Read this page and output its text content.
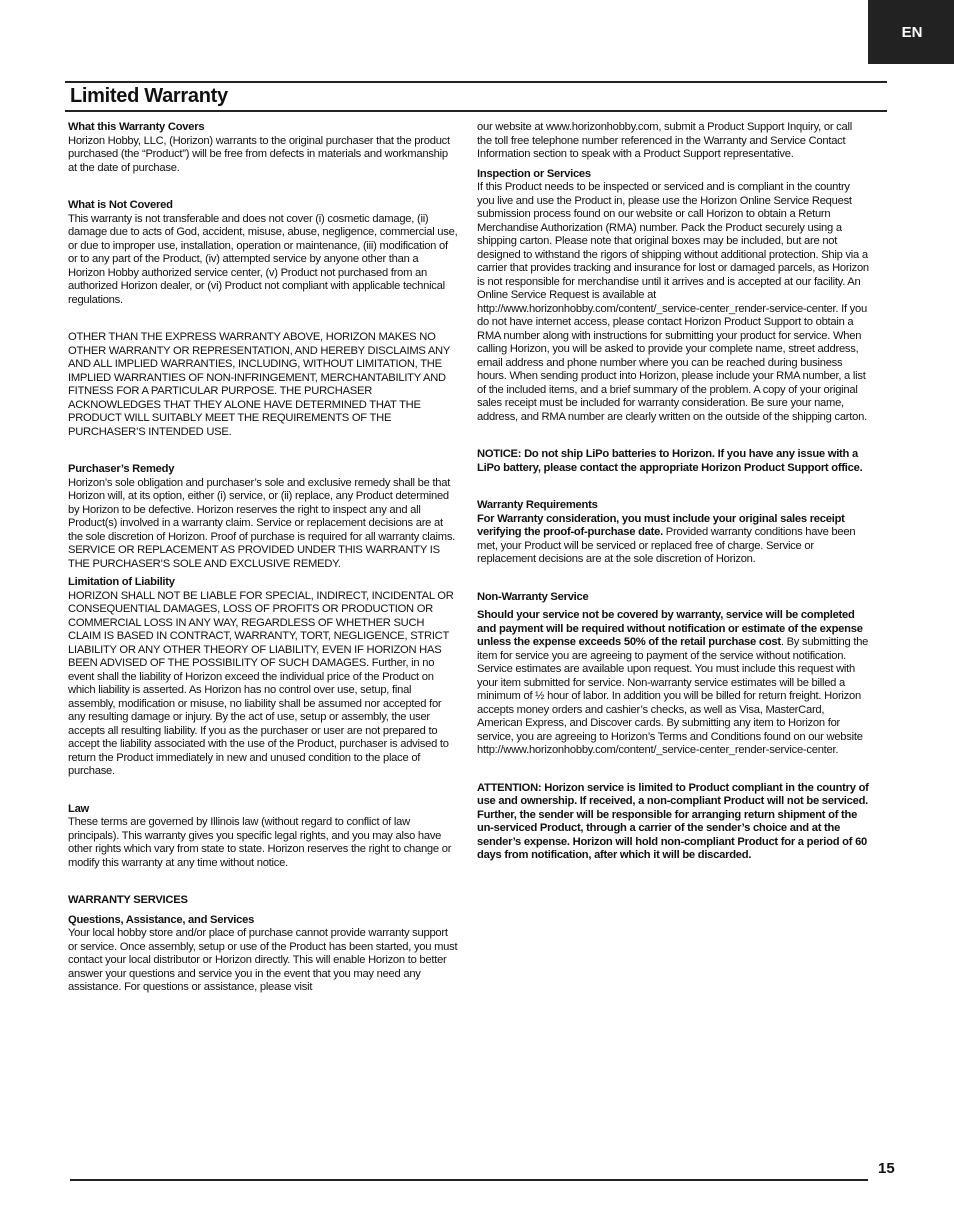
EN
Limited Warranty
What this Warranty Covers
Horizon Hobby, LLC, (Horizon) warrants to the original purchaser that the product purchased (the “Product”) will be free from defects in materials and workmanship at the date of purchase.
What is Not Covered
This warranty is not transferable and does not cover (i) cosmetic damage, (ii) damage due to acts of God, accident, misuse, abuse, negligence, commercial use, or due to improper use, installation, operation or maintenance, (iii) modification of or to any part of the Product, (iv) attempted service by anyone other than a Horizon Hobby authorized service center, (v) Product not purchased from an authorized Horizon dealer, or (vi) Product not compliant with applicable technical regulations.
OTHER THAN THE EXPRESS WARRANTY ABOVE, HORIZON MAKES NO OTHER WARRANTY OR REPRESENTATION, AND HEREBY DISCLAIMS ANY AND ALL IMPLIED WARRANTIES, INCLUDING, WITHOUT LIMITATION, THE IMPLIED WARRANTIES OF NON-INFRINGEMENT, MERCHANTABILITY AND FITNESS FOR A PARTICULAR PURPOSE. THE PURCHASER ACKNOWLEDGES THAT THEY ALONE HAVE DETERMINED THAT THE PRODUCT WILL SUITABLY MEET THE REQUIREMENTS OF THE PURCHASER’S INTENDED USE.
Purchaser’s Remedy
Horizon’s sole obligation and purchaser’s sole and exclusive remedy shall be that Horizon will, at its option, either (i) service, or (ii) replace, any Product determined by Horizon to be defective. Horizon reserves the right to inspect any and all Product(s) involved in a warranty claim. Service or replacement decisions are at the sole discretion of Horizon. Proof of purchase is required for all warranty claims. SERVICE OR REPLACEMENT AS PROVIDED UNDER THIS WARRANTY IS THE PURCHASER’S SOLE AND EXCLUSIVE REMEDY.
Limitation of Liability
HORIZON SHALL NOT BE LIABLE FOR SPECIAL, INDIRECT, INCIDENTAL OR CONSEQUENTIAL DAMAGES, LOSS OF PROFITS OR PRODUCTION OR COMMERCIAL LOSS IN ANY WAY, REGARDLESS OF WHETHER SUCH CLAIM IS BASED IN CONTRACT, WARRANTY, TORT, NEGLIGENCE, STRICT LIABILITY OR ANY OTHER THEORY OF LIABILITY, EVEN IF HORIZON HAS BEEN ADVISED OF THE POSSIBILITY OF SUCH DAMAGES. Further, in no event shall the liability of Horizon exceed the individual price of the Product on which liability is asserted. As Horizon has no control over use, setup, final assembly, modification or misuse, no liability shall be assumed nor accepted for any resulting damage or injury. By the act of use, setup or assembly, the user accepts all resulting liability. If you as the purchaser or user are not prepared to accept the liability associated with the use of the Product, purchaser is advised to return the Product immediately in new and unused condition to the place of purchase.
Law
These terms are governed by Illinois law (without regard to conflict of law principals). This warranty gives you specific legal rights, and you may also have other rights which vary from state to state. Horizon reserves the right to change or modify this warranty at any time without notice.
WARRANTY SERVICES
Questions, Assistance, and Services
Your local hobby store and/or place of purchase cannot provide warranty support or service. Once assembly, setup or use of the Product has been started, you must contact your local distributor or Horizon directly. This will enable Horizon to better answer your questions and service you in the event that you may need any assistance. For questions or assistance, please visit
our website at www.horizonhobby.com, submit a Product Support Inquiry, or call the toll free telephone number referenced in the Warranty and Service Contact Information section to speak with a Product Support representative.
Inspection or Services
If this Product needs to be inspected or serviced and is compliant in the country you live and use the Product in, please use the Horizon Online Service Request submission process found on our website or call Horizon to obtain a Return Merchandise Authorization (RMA) number. Pack the Product securely using a shipping carton. Please note that original boxes may be included, but are not designed to withstand the rigors of shipping without additional protection. Ship via a carrier that provides tracking and insurance for lost or damaged parcels, as Horizon is not responsible for merchandise until it arrives and is accepted at our facility. An Online Service Request is available at http://www.horizonhobby.com/content/_service-center_render-service-center. If you do not have internet access, please contact Horizon Product Support to obtain a RMA number along with instructions for submitting your product for service. When calling Horizon, you will be asked to provide your complete name, street address, email address and phone number where you can be reached during business hours. When sending product into Horizon, please include your RMA number, a list of the included items, and a brief summary of the problem. A copy of your original sales receipt must be included for warranty consideration. Be sure your name, address, and RMA number are clearly written on the outside of the shipping carton.
NOTICE: Do not ship LiPo batteries to Horizon. If you have any issue with a LiPo battery, please contact the appropriate Horizon Product Support office.
Warranty Requirements
For Warranty consideration, you must include your original sales receipt verifying the proof-of-purchase date. Provided warranty conditions have been met, your Product will be serviced or replaced free of charge. Service or replacement decisions are at the sole discretion of Horizon.
Non-Warranty Service
Should your service not be covered by warranty, service will be completed and payment will be required without notification or estimate of the expense unless the expense exceeds 50% of the retail purchase cost. By submitting the item for service you are agreeing to payment of the service without notification. Service estimates are available upon request. You must include this request with your item submitted for service. Non-warranty service estimates will be billed a minimum of ½ hour of labor. In addition you will be billed for return freight. Horizon accepts money orders and cashier’s checks, as well as Visa, MasterCard, American Express, and Discover cards. By submitting any item to Horizon for service, you are agreeing to Horizon’s Terms and Conditions found on our website http://www.horizonhobby.com/content/_service-center_render-service-center.
ATTENTION: Horizon service is limited to Product compliant in the country of use and ownership. If received, a non-compliant Product will not be serviced. Further, the sender will be responsible for arranging return shipment of the un-serviced Product, through a carrier of the sender’s choice and at the sender’s expense. Horizon will hold non-compliant Product for a period of 60 days from notification, after which it will be discarded.
15
